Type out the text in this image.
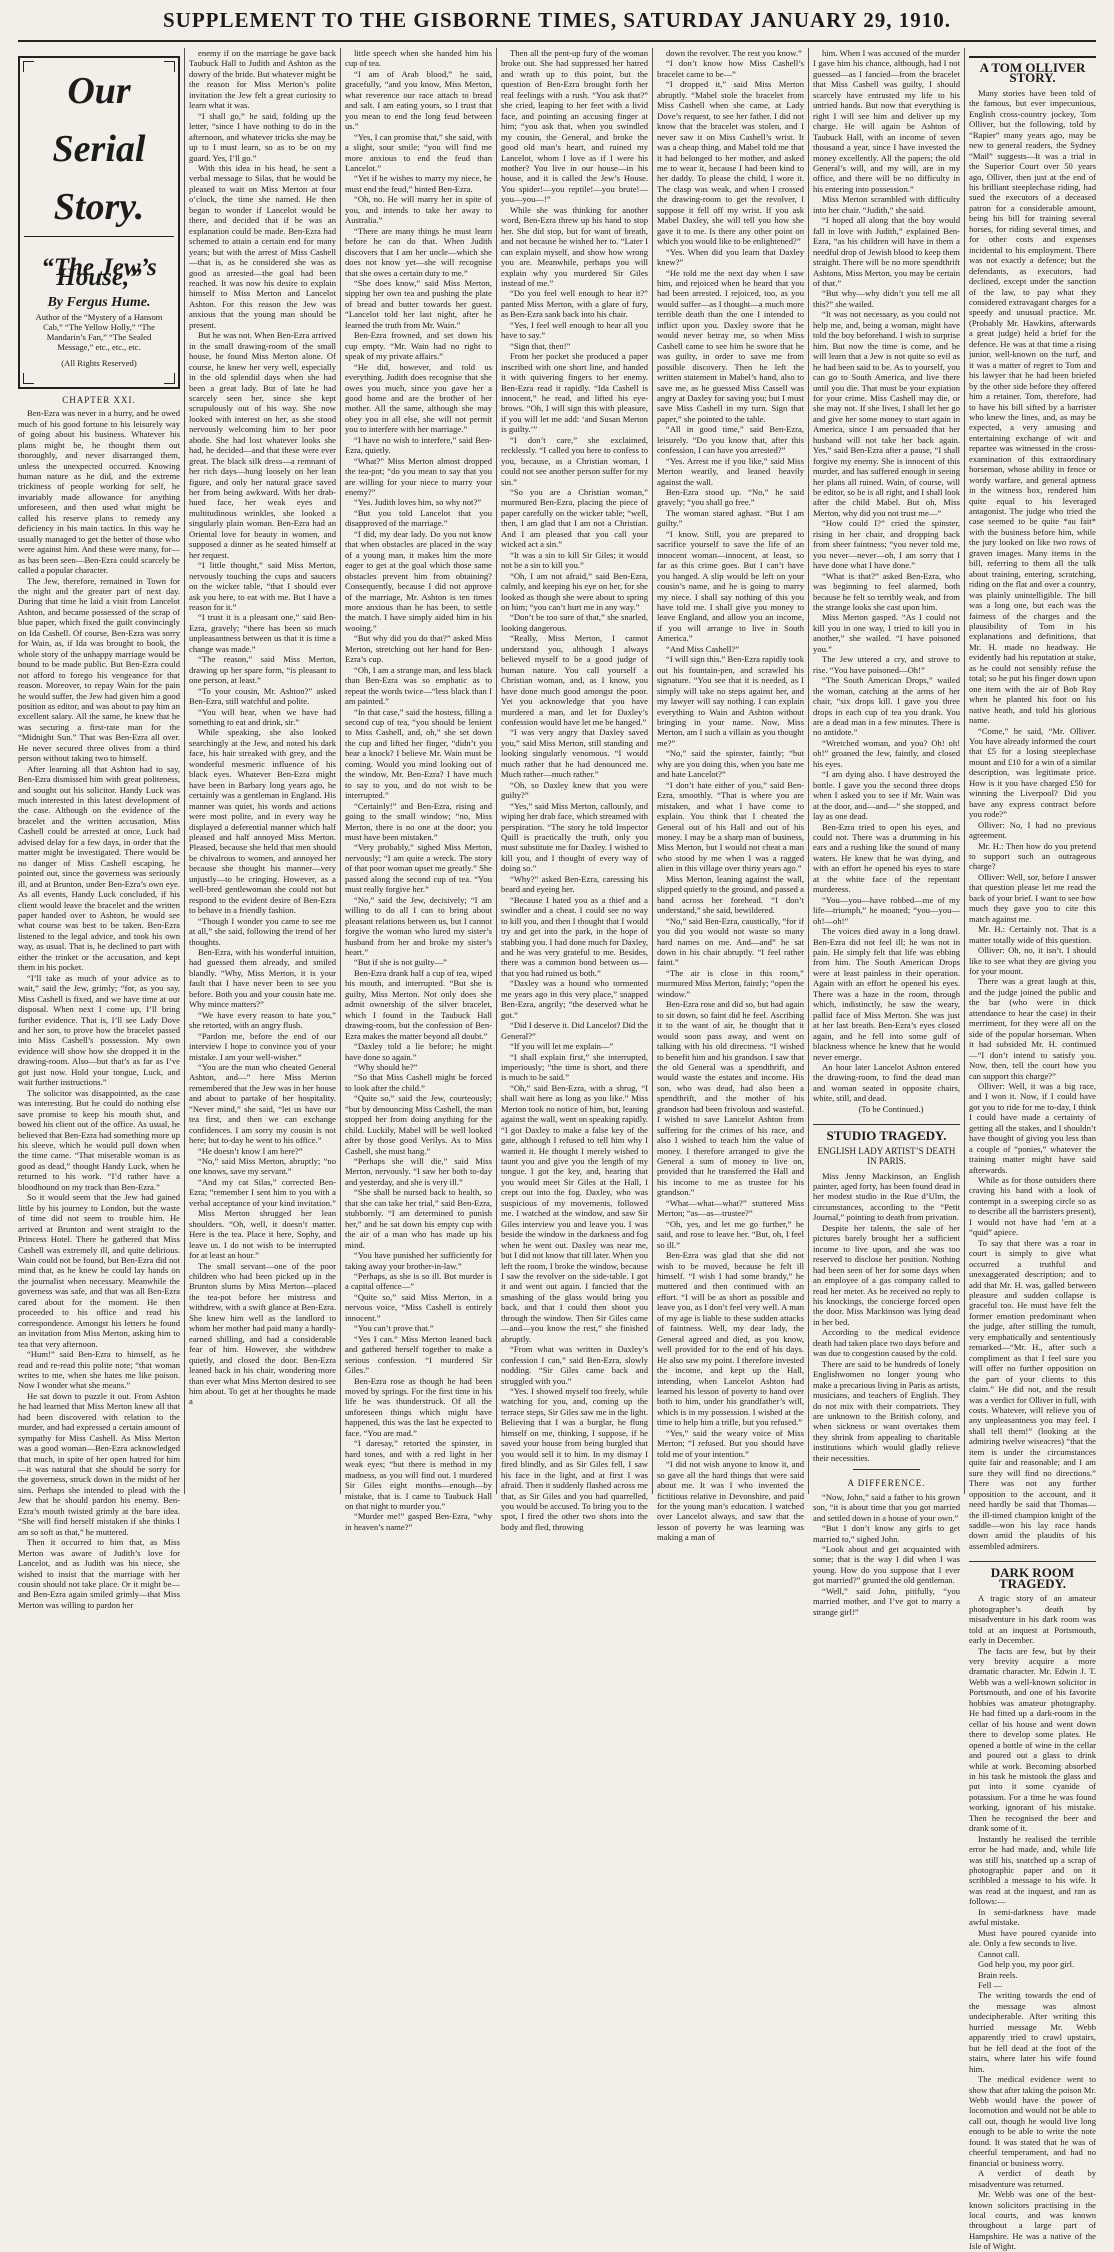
SUPPLEMENT TO THE GISBORNE TIMES, SATURDAY JANUARY 29, 1910.
Our Serial Story.
“The Jew’s House,”
By Fergus Hume.
Author of the “Mystery of a Hansom Cab,” “The Yellow Holly,” “The Mandarin’s Fan,” “The Sealed Message,” etc., etc., etc.
(All Rights Reserved)
CHAPTER XXI.

Ben-Ezra was never in a hurry, and he owed much of his good fortune to his leisurely way of going about his business. Whatever his plans might be, he thought them out thoroughly, and never disarranged them, unless the unexpected occurred. Knowing human nature as he did, and the extreme trickiness of people working for self, he invariably made allowance for anything unforeseen, and then used what might be called his reserve plans to remedy any deficiency in his main tactics. In this way he usually managed to get the better of those who were against him. And these were many, for—as has been seen—Ben-Ezra could scarcely be called a popular character.

The Jew, therefore, remained in Town for the night and the greater part of next day. During that time he laid a visit from Lancelot Ashton, and became possessed of the scrap of blue paper, which fixed the guilt convincingly on Ida Cashell. Of course, Ben-Ezra was sorry for Wain, as, if Ida was brought to book, the whole story of the unhappy marriage would be bound to be made public. But Ben-Ezra could not afford to forego his vengeance for that reason. Moreover, to repay Wain for the pain he would suffer, the Jew had given him a good position as editor, and was about to pay him an excellent salary. All the same, he knew that he was securing a first-rate man for the “Midnight Sun.” That was Ben-Ezra all over. He never secured three olives from a third person without taking two to himself.

After learning all that Ashton had to say, Ben-Ezra dismissed him with great politeness, and sought out his solicitor. Handy Luck was much interested in this latest development of the case. Although on the evidence of the bracelet and the written accusation, Miss Cashell could be arrested at once, Luck had advised delay for a few days, in order that the matter might be investigated. There would be no danger of Miss Cashell escaping, he pointed out, since the governess was seriously ill, and at Brunton, under Ben-Ezra’s own eye. As all events, Handy Luck concluded, if his client would leave the bracelet and the written paper handed over to Ashton, he would see what course was best to be taken. Ben-Ezra listened to the legal advice, and took his own way, as usual. That is, he declined to part with either the trinket or the accusation, and kept them in his pocket.

“I’ll take as much of your advice as to wait,” said the Jew, grimly; “for, as you say, Miss Cashell is fixed, and we have time at our disposal. When next I come up, I’ll bring further evidence. That is, I’ll see Lady Dove and her son, to prove how the bracelet passed into Miss Cashell’s possession. My own evidence will show how she dropped it in the drawing-room. Also—but that’s as far as I’ve got just now. Hold your tongue, Luck, and wait further instructions.”

The solicitor was disappointed, as the case was interesting. But he could do nothing else save promise to keep his mouth shut, and bowed his client out of the office. As usual, he believed that Ben-Ezra had something more up his sleeve, which he would pull down when the time came. “That miserable woman is as good as dead,” thought Handy Luck, when he returned to his work. “I’d rather have a bloodhound on my track than Ben-Ezra.”

So it would seem that the Jew had gained little by his journey to London, but the waste of time did not seem to trouble him. He arrived at Brunton and went straight to the Princess Hotel. There he gathered that Miss Cashell was extremely ill, and quite delirious. Wain could not be found, but Ben-Ezra did not mind that, as he knew he could lay hands on the journalist when necessary. Meanwhile the governess was safe, and that was all Ben-Ezra cared about for the moment. He then proceeded to his office and read his correspondence. Amongst his letters he found an invitation from Miss Merton, asking him to tea that very afternoon.

“Hum!” said Ben-Ezra to himself, as he read and re-read this polite note; “that woman writes to me, when she hates me like poison. Now I wonder what she means.”

He sat down to puzzle it out. From Ashton he had learned that Miss Merton knew all that had been discovered with relation to the murder, and had expressed a certain amount of sympathy for Miss Cashell. As Miss Merton was a good woman—Ben-Ezra acknowledged that much, in spite of her open hatred for him—it was natural that she should be sorry for the governess, struck down in the midst of her sins. Perhaps she intended to plead with the Jew that he should pardon his enemy. Ben-Ezra’s mouth twisted grimly at the bare idea. “She will find herself mistaken if she thinks I am so soft as that,” he muttered.

Then it occurred to him that, as Miss Merton was aware of Judith’s love for Lancelot, and as Judith was his niece, she wished to insist that the marriage with her cousin should not take place. Or it might be—and Ben-Ezra again smiled grimly—that Miss Merton was willing to pardon her

enemy if on the marriage he gave back Taubuck Hall to Judith and Ashton as the dowry of the bride. But whatever might be the reason for Miss Merton’s polite invitation the Jew felt a great curiosity to learn what it was.

“I shall go,” he said, folding up the letter, “since I have nothing to do in the afternoon, and whatever tricks she may be up to I must learn, so as to be on my guard. Yes, I’ll go.”

With this idea in his head, he sent a verbal message to Silas, that he would be pleased to wait on Miss Merton at four o’clock, the time she named. He then began to wonder if Lancelot would be there, and decided that if he was an explanation could be made. Ben-Ezra had schemed to attain a certain end for many years; but with the arrest of Miss Cashell—that is, as he considered she was as good as arrested—the goal had been reached. It was now his desire to explain himself to Miss Merton and Lancelot Ashton. For this reason the Jew was anxious that the young man should be present.

But he was not. When Ben-Ezra arrived in the small drawing-room of the small house, he found Miss Merton alone. Of course, he knew her very well, especially in the old splendid days when she had been a great lady. But of late he had scarcely seen her, since she kept scrupulously out of his way. She now looked with interest on her, as she stood nervously welcoming him to her poor abode. She had lost whatever looks she had, he decided—and that these were ever great. The black silk dress—a remnant of her rich days—hung loosely on her lean figure, and only her natural grace saved her from being awkward. With her drab-hued face, her weak eyes and multitudinous wrinkles, she looked a singularly plain woman. Ben-Ezra had an Oriental love for beauty in women, and supposed a dinner as he seated himself at her request.

“I little thought,” said Miss Merton, nervously touching the cups and saucers on the wicker table, “that I should ever ask you here, to eat with me. But I have a reason for it.”

“I trust it is a pleasant one,” said Ben-Ezra, gravely; “there has been so much unpleasantness between us that it is time a change was made.”

“The reason,” said Miss Merton, drawing up her spare form, “is pleasant to one person, at least.”

“To your cousin, Mr. Ashton?” asked Ben-Ezra, still watchful and polite.

“You will hear, when we have had something to eat and drink, sir.”

While speaking, she also looked searchingly at the Jew, and noted his dark face, his hair streaked with grey, and the wonderful mesmeric influence of his black eyes. Whatever Ben-Ezra might have been in Barbary long years ago, he certainly was a gentleman in England. His manner was quiet, his words and actions were most polite, and in every way he displayed a deferential manner which half pleased and half annoyed Miss Merton. Pleased, because she held that men should be chivalrous to women, and annoyed her because she thought his manner—very unjustly—to be cringing. However, as a well-bred gentlewoman she could not but respond to the evident desire of Ben-Ezra to behave in a friendly fashion.

“Though I wonder you came to see me at all,” she said, following the trend of her thoughts.

Ben-Ezra, with his wonderful intuition, had guessed them already, and smiled blandly. “Why, Miss Merton, it is your fault that I have never been to see you before. Both you and your cousin hate me. Why mince matters?”

“We have every reason to hate you,” she retorted, with an angry flush.

“Pardon me, before the end of our interview I hope to convince you of your mistake. I am your well-wisher.”

“You are the man who cheated General Ashton, and—” here Miss Merton remembered that the Jew was in her house and about to partake of her hospitality. “Never mind,” she said, “let us have our tea first, and then we can exchange confidences. I am sorry my cousin is not here; but to-day he went to his office.”

“He doesn’t know I am here?”

“No,” said Miss Merton, abruptly; “no one knows, save my servant.”

“And my cat Silas,” corrected Ben-Ezra; “remember I sent him to you with a verbal acceptance of your kind invitation.”

Miss Merton shrugged her lean shoulders. “Oh, well, it doesn’t matter. Here is the tea. Place it here, Sophy, and leave us. I do not wish to be interrupted for at least an hour.”

The small servant—one of the poor children who had been picked up in the Brunton slums by Miss Merton—placed the tea-pot before her mistress and withdrew, with a swift glance at Ben-Ezra. She knew him well as the landlord to whom her mother had paid many a hardly-earned shilling, and had a considerable fear of him. However, she withdrew quietly, and closed the door. Ben-Ezra leaned back in his chair, wondering more than ever what Miss Merton desired to see him about. To get at her thoughts he made a

little speech when she handed him his cup of tea.

“I am of Arab blood,” he said, gracefully, “and you know, Miss Merton, what reverence our race attach to bread and salt. I am eating yours, so I trust that you mean to end the long feud between us.”

“Yes, I can promise that,” she said, with a slight, sour smile; “you will find me more anxious to end the feud than Lancelot.”

“Yet if he wishes to marry my niece, he must end the feud,” hinted Ben-Ezra.

“Oh, no. He will marry her in spite of you, and intends to take her away to Australia.”

“There are many things he must learn before he can do that. When Judith discovers that I am her uncle—which she does not know yet—she will recognise that she owes a certain duty to me.”

“She does know,” said Miss Merton, sipping her own tea and pushing the plate of bread and butter towards her guest. “Lancelot told her last night, after he learned the truth from Mr. Wain.”

Ben-Ezra frowned, and set down his cup empty. “Mr. Wain had no right to speak of my private affairs.”

“He did, however, and told us everything. Judith does recognise that she owes you much, since you gave her a good home and are the brother of her mother. All the same, although she may obey you in all else, she will not permit you to interfere with her marriage.”

“I have no wish to interfere,” said Ben-Ezra, quietly.

“What?” Miss Merton almost dropped the tea-pot; “do you mean to say that you are willing for your niece to marry your enemy?”

“Yes. Judith loves him, so why not?”

“But you told Lancelot that you disapproved of the marriage.”

“I did, my dear lady. Do you not know that when obstacles are placed in the way of a young man, it makes him the more eager to get at the goal which those same obstacles prevent him from obtaining? Consequently, because I did not approve of the marriage, Mr. Ashton is ten times more anxious than he has been, to settle the match. I have simply aided him in his wooing.”

“But why did you do that?” asked Miss Merton, stretching out her hand for Ben-Ezra’s cup.

“Oh, I am a strange man, and less black than Ben-Ezra was so emphatic as to repeat the words twice—“less black than I am painted.”

“In that case,” said the hostess, filling a second cup of tea, “you should be lenient to Miss Cashell, and, oh,” she set down the cup and lifted her finger, “didn’t you hear a knock? I believe Mr. Wain must be coming. Would you mind looking out of the window, Mr. Ben-Ezra? I have much to say to you, and do not wish to be interrupted.”

“Certainly!” and Ben-Ezra, rising and going to the small window; “no, Miss Merton, there is no one at the door; you must have been mistaken.”

“Very probably,” sighed Miss Merton, nervously; “I am quite a wreck. The story of that poor woman upset me greatly.” She passed along the second cup of tea. “You must really forgive her.”

“No,” said the Jew, decisively; “I am willing to do all I can to bring about pleasant relations between us, but I cannot forgive the woman who lured my sister’s husband from her and broke my sister’s heart.”

“But if she is not guilty—”

Ben-Ezra drank half a cup of tea, wiped his mouth, and interrupted. “But she is guilty, Miss Merton. Not only does she admit ownership of the silver bracelet, which I found in the Taubuck Hall drawing-room, but the confession of Ben-Ezra makes the matter beyond all doubt.”

“Daxley told a lie before; he might have done so again.”

“Why should he?”

“So that Miss Cashell might be forced to look after the child.”

“Quite so,” said the Jew, courteously; “but by denouncing Miss Cashell, the man stopped her from doing anything for the child. Luckily, Mabel will be well looked after by those good Verilys. As to Miss Cashell, she must hang.”

“Perhaps she will die,” said Miss Merton, nervously. “I saw her both to-day and yesterday, and she is very ill.”

“She shall be nursed back to health, so that she can take her trial,” said Ben-Ezra, stubbornly. “I am determined to punish her,” and he sat down his empty cup with the air of a man who has made up his mind.

“You have punished her sufficiently for taking away your brother-in-law.”

“Perhaps, as she is so ill. But murder is a capital offence—”

“Quite so,” said Miss Merton, in a nervous voice, “Miss Cashell is entirely innocent.”

“You can’t prove that.”

“Yes I can.” Miss Merton leaned back and gathered herself together to make a serious confession. “I murdered Sir Giles.”

Ben-Ezra rose as though he had been moved by springs. For the first time in his life he was thunderstruck. Of all the unforeseen things which might have happened, this was the last he expected to face. “You are mad.”

“I daresay,” retorted the spinster, in hard tones, and with a red light in her weak eyes; “but there is method in my madness, as you will find out. I murdered Sir Giles eight months—enough—by mistake, that is. I came to Taubuck Hall on that night to murder you.”

“Murder me!” gasped Ben-Ezra, “why in heaven’s name?”

Then all the pent-up fury of the woman broke out. She had suppressed her hatred and wrath up to this point, but the question of Ben-Ezra brought forth her real feelings with a rush. “You ask that?” she cried, leaping to her feet with a livid face, and pointing an accusing finger at him; “you ask that, when you swindled my cousin, the General, and broke the good old man’s heart, and ruined my Lancelot, whom I love as if I were his mother? You live in our house—in his house, and it is called the Jew’s House. You spider!—you reptile!—you brute!—you—you—!”

While she was thinking for another word, Ben-Ezra threw up his hand to stop her. She did stop, but for want of breath, and not because he wished her to. “Later I can explain myself, and show how wrong you are. Meanwhile, perhaps you will explain why you murdered Sir Giles instead of me.”

“Do you feel well enough to hear it?” panted Miss Merton, with a glare of fury, as Ben-Ezra sank back into his chair.

“Yes, I feel well enough to hear all you have to say.”

“Sign that, then!”

From her pocket she produced a paper inscribed with one short line, and handed it with quivering fingers to her enemy. Ben-Ezra read it rapidly. “Ida Cashell is innocent,” he read, and lifted his eye-brows. “Oh, I will sign this with pleasure, if you will let me add: ‘and Susan Merton is guilty.’”

“I don’t care,” she exclaimed, recklessly. “I called you here to confess to you, because, as a Christian woman, I could not see another person suffer for my sin.”

“So you are a Christian woman,” murmured Ben-Ezra, placing the piece of paper carefully on the wicker table; “well, then, I am glad that I am not a Christian. And I am pleased that you call your wicked act a sin.”

“It was a sin to kill Sir Giles; it would not be a sin to kill you.”

“Oh, I am not afraid,” said Ben-Ezra, calmly, and keeping his eye on her, for she looked as though she were about to spring on him; “you can’t hurt me in any way.”

“Don’t be too sure of that,” she snarled, looking dangerous.

“Really, Miss Merton, I cannot understand you, although I always believed myself to be a good judge of human nature. You call yourself a Christian woman, and, as I know, you have done much good amongst the poor. Yet you acknowledge that you have murdered a man, and let for Daxley’s confession would have let me be hanged.”

“I was very angry that Daxley saved you,” said Miss Merton, still standing and looking singularly venomous. “I would much rather that he had denounced me. Much rather—much rather.”

“Oh, so Daxley knew that you were guilty?”

“Yes,” said Miss Merton, callously, and wiping her drab face, which streamed with perspiration. “The story he told Inspector Quill is practically the truth, only you must substitute me for Daxley. I wished to kill you, and I thought of every way of doing so.”

“Why?” asked Ben-Ezra, caressing his beard and eyeing her.

“Because I hated you as a thief and a swindler and a cheat. I could see no way to kill you, and then I thought that I would try and get into the park, in the hope of stabbing you. I had done much for Daxley, and he was very grateful to me. Besides, there was a common bond between us—that you had ruined us both.”

“Daxley was a hound who tormented me years ago in this very place,” snapped Ben-Ezra, angrily; “the deserved what he got.”

“Did I deserve it. Did Lancelot? Did the General?”

“If you will let me explain—”

“I shall explain first,” she interrupted, imperiously; “the time is short, and there is much to be said.”

“Oh,” said Ben-Ezra, with a shrug, “I shall wait here as long as you like.” Miss Merton took no notice of him, but, leaning against the wall, went on speaking rapidly. “I got Daxley to make a false key of the gate, although I refused to tell him why I wanted it. He thought I merely wished to taunt you and give you the length of my tongue. I got the key, and, hearing that you would meet Sir Giles at the Hall, I crept out into the fog. Daxley, who was suspicious of my movements, followed me. I watched at the window, and saw Sir Giles interview you and leave you. I was beside the window in the darkness and fog when he went out. Daxley was near me, but I did not know that till later. When you left the room, I broke the window, because I saw the revolver on the side-table. I got it and went out again. I fancied that the smashing of the glass would bring you back, and that I could then shoot you through the window. Then Sir Giles came—and—you know the rest,” she finished abruptly.

“From what was written in Daxley’s confession I can,” said Ben-Ezra, slowly nodding. “Sir Giles came back and struggled with you.”

“Yes. I showed myself too freely, while watching for you, and, coming up the terrace steps, Sir Giles saw me in the light. Believing that I was a burglar, he flung himself on me, thinking, I suppose, if he saved your house from being burgled that you would sell it to him. In my dismay I fired blindly, and as Sir Giles fell, I saw his face in the light, and at first I was afraid. Then it suddenly flashed across me that, as Sir Giles and you had quarrelled, you would be accused. To bring you to the spot, I fired the other two shots into the body and fled, throwing

down the revolver. The rest you know.”

“I don’t know how Miss Cashell’s bracelet came to be—”

“I dropped it,” said Miss Merton abruptly. “Mabel stole the bracelet from Miss Cashell when she came, at Lady Dove’s request, to see her father. I did not know that the bracelet was stolen, and I never saw it on Miss Cashell’s wrist. It was a cheap thing, and Mabel told me that it had belonged to her mother, and asked me to wear it, because I had been kind to her daddy. To please the child, I wore it. The clasp was weak, and when I crossed the drawing-room to get the revolver, I suppose it fell off my wrist. If you ask Mabel Daxley, she will tell you how she gave it to me. Is there any other point on which you would like to be enlightened?”

“Yes. When did you learn that Daxley knew?”

“He told me the next day when I saw him, and rejoiced when he heard that you had been arrested. I rejoiced, too, as you would suffer—as I thought—a much more terrible death than the one I intended to inflict upon you. Daxley swore that he would never betray me, so when Miss Cashell came to see him he swore that he was guilty, in order to save me from possible discovery. Then he left the written statement in Mabel’s hand, also to save me, as he guessed Miss Cassell was angry at Daxley for saving you; but I must save Miss Cashell in my turn. Sign that paper,” she pointed to the table.

“All in good time,” said Ben-Ezra, leisurely. “Do you know that, after this confession, I can have you arrested?”

“Yes. Arrest me if you like,” said Miss Merton wearily, and leaned heavily against the wall.

Ben-Ezra stood up. “No,” he said gravely; “you shall go free.”

The woman stared aghast. “But I am guilty.”

“I know. Still, you are prepared to sacrifice yourself to save the life of an innocent woman—innocent, at least, so far as this crime goes. But I can’t have you hanged. A slip would be left on your cousin’s name, and he is going to marry my niece. I shall say nothing of this you have told me. I shall give you money to leave England, and allow you an income, if you will arrange to live in South America.”

“And Miss Cashell?”

“I will sign this.” Ben-Ezra rapidly took out his fountain-pen, and scrawled his signature. “You see that it is needed, as I simply will take no steps against her, and my lawyer will say nothing. I can explain everything to Wain and Ashton without bringing in your name. Now, Miss Merton, am I such a villain as you thought me?”

“No,” said the spinster, faintly; “but why are you doing this, when you hate me and hate Lancelot?”

“I don’t hate either of you,” said Ben-Ezra, smoothly. “That is where you are mistaken, and what I have come to explain. You think that I cheated the General out of his Hall and out of his money. I may be a sharp man of business, Miss Merton, but I would not cheat a man who stood by me when I was a ragged alien in this village over thirty years ago.”

Miss Merton, leaning against the wall, slipped quietly to the ground, and passed a hand across her forehead. “I don’t understand,” she said, bewildered.

“No,” said Ben-Ezra, caustically, “for if you did you would not waste so many hard names on me. And—and” he sat down in his chair abruptly. “I feel rather faint.”

“The air is close in this room,” murmured Miss Merton, faintly; “open the window.”

Ben-Ezra rose and did so, but had again to sit down, so faint did he feel. Ascribing it to the want of air, he thought that it would soon pass away, and went on talking with his old directness. “I wished to benefit him and his grandson. I saw that the old General was a spendthrift, and would waste the estates and income. His son, who was dead, had also been a spendthrift, and the mother of his grandson had been frivolous and wasteful. I wished to save Lancelot Ashton from suffering for the crimes of his race, and also I wished to teach him the value of money. I therefore arranged to give the General a sum of money to live on, provided that he transferred the Hall and his income to me as trustee for his grandson.”

“What—what—what?” stuttered Miss Merton; “as—as—trustee?”

“Oh, yes, and let me go further,” he said, and rose to leave her. “But, oh, I feel so ill.”

Ben-Ezra was glad that she did not wish to be moved, because he felt ill himself. “I wish I had some brandy,” he muttered and then continued with an effort. “I will be as short as possible and leave you, as I don’t feel very well. A man of my age is liable to these sudden attacks of faintness. Well, my dear lady, the General agreed and died, as you know, well provided for to the end of his days. He also saw my point. I therefore invested the income, and kept up the Hall, intending, when Lancelot Ashton had learned his lesson of poverty to hand over both to him, under his grandfather’s will, which is in my possession. I wished at the time to help him a trifle, but you refused.”

“Yes,” said the weary voice of Miss Merton; “I refused. But you should have told me of your intention.”

“I did not wish anyone to know it, and so gave all the hard things that were said about me. It was I who invented the fictitious relative in Devonshire, and paid for the young man’s education. I watched over Lancelot always, and saw that the lesson of poverty he was learning was making a man of

him. When I was accused of the murder I gave him his chance, although, had I not guessed—as I fancied—from the bracelet that Miss Cashell was guilty, I should scarcely have entrusted my life to his untried hands. But now that everything is right I will see him and deliver up my charge. He will again be Ashton of Taubuck Hall, with an income of seven thousand a year, since I have invested the money excellently. All the papers; the old General’s will, and my will, are in my office, and there will be no difficulty in his entering into possession.”

Miss Merton scrambled with difficulty into her chair. “Judith,” she said.

“I hoped all along that the boy would fall in love with Judith,” explained Ben-Ezra, “as his children will have in them a needful drop of Jewish blood to keep them straight. There will be no more spendthrift Ashtons, Miss Merton, you may be certain of that.”

“But why—why didn’t you tell me all this?” she wailed.

“It was not necessary, as you could not help me, and, being a woman, might have told the boy beforehand. I wish to surprise him. But now the time is come, and he will learn that a Jew is not quite so evil as he had been said to be. As to yourself, you can go to South America, and live there until you die. That must be your expiation for your crime. Miss Cashell may die, or she may not. If she lives, I shall let her go and give her some money to start again in America, since I am persuaded that her husband will not take her back again. Yes,” said Ben-Ezra after a pause, “I shall forgive my enemy. She is innocent of this murder, and has suffered enough in seeing her plans all ruined. Wain, of course, will be editor, so he is all right, and I shall look after the child Mabel. But oh, Miss Merton, why did you not trust me—”

“How could I?” cried the spinster, rising in her chair, and dropping back from sheer faintness; “you never told me, you never—never—oh, I am sorry that I have done what I have done.”

“What is that?” asked Ben-Ezra, who was beginning to feel alarmed, both because he felt so terribly weak, and from the strange looks she cast upon him.

Miss Merton gasped. “As I could not kill you in one way, I tried to kill you in another,” she wailed. “I have poisoned you.”

The Jew uttered a cry, and strove to rise. “You have poisoned—Oh!”

“The South American Drops,” wailed the woman, catching at the arms of her chair, “six drops kill. I gave you three drops in each cup of tea you drank. You are a dead man in a few minutes. There is no antidote.”

“Wretched woman, and you? Oh! oh! oh!” groaned the Jew, faintly, and closed his eyes.

“I am dying also. I have destroyed the bottle. I gave you the second three drops when I asked you to see if Mr. Wain was at the door, and—and—” she stopped, and lay as one dead.

Ben-Ezra tried to open his eyes, and could not. There was a drumming in his ears and a rushing like the sound of many waters. He knew that he was dying, and with an effort he opened his eyes to stare at the white face of the repentant murderess.

“You—you—have robbed—me of my life—triumph,” he moaned; “you—you—oh!—oh!”

The voices died away in a long drawl. Ben-Ezra did not feel ill; he was not in pain. He simply felt that life was ebbing from him. The South American Drops were at least painless in their operation. Again with an effort he opened his eyes. There was a haze in the room, through which, indistinctly, he saw the weary, pallid face of Miss Merton. She was just at her last breath. Ben-Ezra’s eyes closed again, and he fell into some gulf of blackness whence he knew that he would never emerge.

An hour later Lancelot Ashton entered the drawing-room, to find the dead man and woman seated in opposite chairs, white, still, and dead.

(To be Continued.)

STUDIO TRAGEDY.
ENGLISH LADY ARTIST’S DEATH IN PARIS.

Miss Jenny Mackinson, an English painter, aged forty, has been found dead in her modest studio in the Rue d’Ulm, the circumstances, according to the “Petit Journal,” pointing to death from privation.

Despite her talents, the sale of her pictures barely brought her a sufficient income to live upon, and she was too reserved to disclose her position. Nothing had been seen of her for some days when an employee of a gas company called to read her meter. As he received no reply to his knockings, the concierge forced open the door. Miss Mackinson was lying dead in her bed.

According to the medical evidence death had taken place two days before and was due to congestion caused by the cold.

There are said to be hundreds of lonely Englishwomen no longer young who make a precarious living in Paris as artists, musicians, and teachers of English. They do not mix with their compatriots. They are unknown to the British colony, and when sickness or want overtakes them they shrink from appealing to charitable institutions which would gladly relieve their necessities.

A DIFFERENCE.

“Now, John,” said a father to his grown son, “it is about time that you got married and settled down in a house of your own.”

“But I don’t know any girls to get married to,” sighed John.

“Look about and get acquainted with some; that is the way I did when I was young. How do you suppose that I ever got married?” grunted the old gentleman.

“Well,” said John, pitifully, “you married mother, and I’ve got to marry a strange girl!”

A TOM OLLIVER STORY.

Many stories have been told of the famous, but ever impecunious, English cross-country jockey, Tom Olliver, but the following, told by “Rapier” many years ago, may be new to general readers, the Sydney “Mail” suggests—It was a trial in the Superior Court over 50 years ago, Olliver, then just at the end of his brilliant steeplechase riding, had sued the executors of a deceased patron for a considerable amount, being his bill for training several horses, for riding several times, and for other costs and expenses incidental to his employment. There was not exactly a defence; but the defendants, as executors, had declined, except under the sanction of the law, to pay what they considered extravagant charges for a speedy and unusual practice. Mr. (Probably Mr. Hawkins, afterwards a great judge) held a brief for the defence. He was at that time a rising junior, well-known on the turf, and it was a matter of regret to Tom and his lawyer that he had been briefed by the other side before they offered him a retainer. Tom, therefore, had to have his bill sifted by a barrister who knew the lines, and, as may be expected, a very amusing and entertaining exchange of wit and repartee was witnessed in the cross-examination of this extraordinary horseman, whose ability in fence or wordy warfare, and general aptness in the witness box, rendered him quite equal to his leveraged antagonist. The judge who tried the case seemed to be quite *au fait* with the business before him, while the jury looked on like two rows of graven images. Many items in the bill, referring to them all the talk about training, entering, scratching, riding on the flat and over a country, was plainly unintelligible. The bill was a long one, but each was the fairness of the charges and the plausibility of Tom in his explanations and definitions, that Mr. H. made no headway. He evidently had his reputation at stake, as he could not sensibly refuse the total; so he put his finger down upon one item with the air of Bob Roy when he planted his foot on his native heath, and told his glorious name.

“Come,” he said, “Mr. Olliver. You have already informed the court that £5 for a losing steeplechase mount and £10 for a win of a similar description, was legitimate price. How is it you have charged £50 for winning the Liverpool? Did you have any express contract before you rode?”

Olliver: No, I had no previous agreement.

Mr. H.: Then how do you pretend to support such an outrageous charge?

Olliver: Well, sor, before I answer that question please let me read the back of your brief. I want to see how much they gave you to cite this match against me.

Mr. H.: Certainly not. That is a matter totally wide of this question.

Olliver: Oh, no, it isn’t. I should like to see what they are giving you for your mount.

There was a great laugh at this, and the judge joined the public and the bar (who were in thick attendance to hear the case) in their merriment, for they were all on the side of the popular horseman. When it had subsided Mr. H. continued—“I don’t intend to satisfy you. Now, then, tell the court how you can support this charge?”

Olliver: Well, it was a big race, and I won it. Now, if I could have got you to ride for me to-day, I think I could have made a certainty of getting all the stakes, and I shouldn’t have thought of giving you less than a couple of “ponies,” whatever the training matter might have said afterwards.

While as for those outsiders there craving his hand with a look of contempt in a sweeping circle so as to describe all the barristers present), I would not have had ’em at a “quid” apiece.

To say that there was a roar in court is simply to give what occurred a truthful and unexaggerated description; and to add that Mr. H. was, galled between pleasure and sudden collapse is graceful too. He must have felt the former emotion predominant when the judge, after stilling the tumult, very emphatically and sententiously remarked—“Mr. H., after such a compliment as that I feel sure you will offer no further opposition on the part of your clients to this claim.” He did not, and the result was a verdict for Olliver in full, with costs. Whatever, will relieve you of any unpleasantness you may feel. I shall tell them!” (looking at the admiring twelve wiseacres) “that the item is under the circumstances quite fair and reasonable; and I am sure they will find no directions.” There was not any further opposition to the account, and it need hardly be said that Thomas—the ill-timed champion knight of the saddle—won his lay race hands down amid the plaudits of his assembled admirers.

DARK ROOM TRAGEDY.

A tragic story of an amateur photographer’s death by misadventure in his dark room was told at an inquest at Portsmouth, early in December.

The facts are few, but by their very brevity acquire a more dramatic character. Mr. Edwin J. T. Webb was a well-known solicitor in Portsmouth, and one of his favorite hobbies was amateur photography. He had fitted up a dark-room in the cellar of his house and went down there to develop some plates. He opened a bottle of wine in the cellar and poured out a glass to drink while at work. Becoming absorbed in his task he mistook the glass and put into it some cyanide of potassium. For a time he was found working, ignorant of his mistake. Then he recognised the beer and drank some of it.

Instantly he realised the terrible error he had made, and, while life was still his, snatched up a scrap of photographic paper and on it scribbled a message to his wife. It was read at the inquest, and ran as follows:—

In semi-darkness have made awful mistake.

Must have poured cyanide into ale. Only a few seconds to live.

Cannot call.

God help you, my poor girl.

Brain reels.

Fell —

The writing towards the end of the message was almost undecipherable. After writing this hurried message Mr. Webb apparently tried to crawl upstairs, but he fell dead at the foot of the stairs, where later his wife found him.

The medical evidence went to show that after taking the poison Mr. Webb would have the power of locomotion and would not be able to call out, though he would live long enough to be able to write the note found. It was stated that he was of cheerful temperament, and had no financial or business worry.

A verdict of death by misadventure was returned.

Mr. Webb was one of the best-known solicitors practising in the local courts, and was known throughout a large part of Hampshire. He was a native of the Isle of Wight.
